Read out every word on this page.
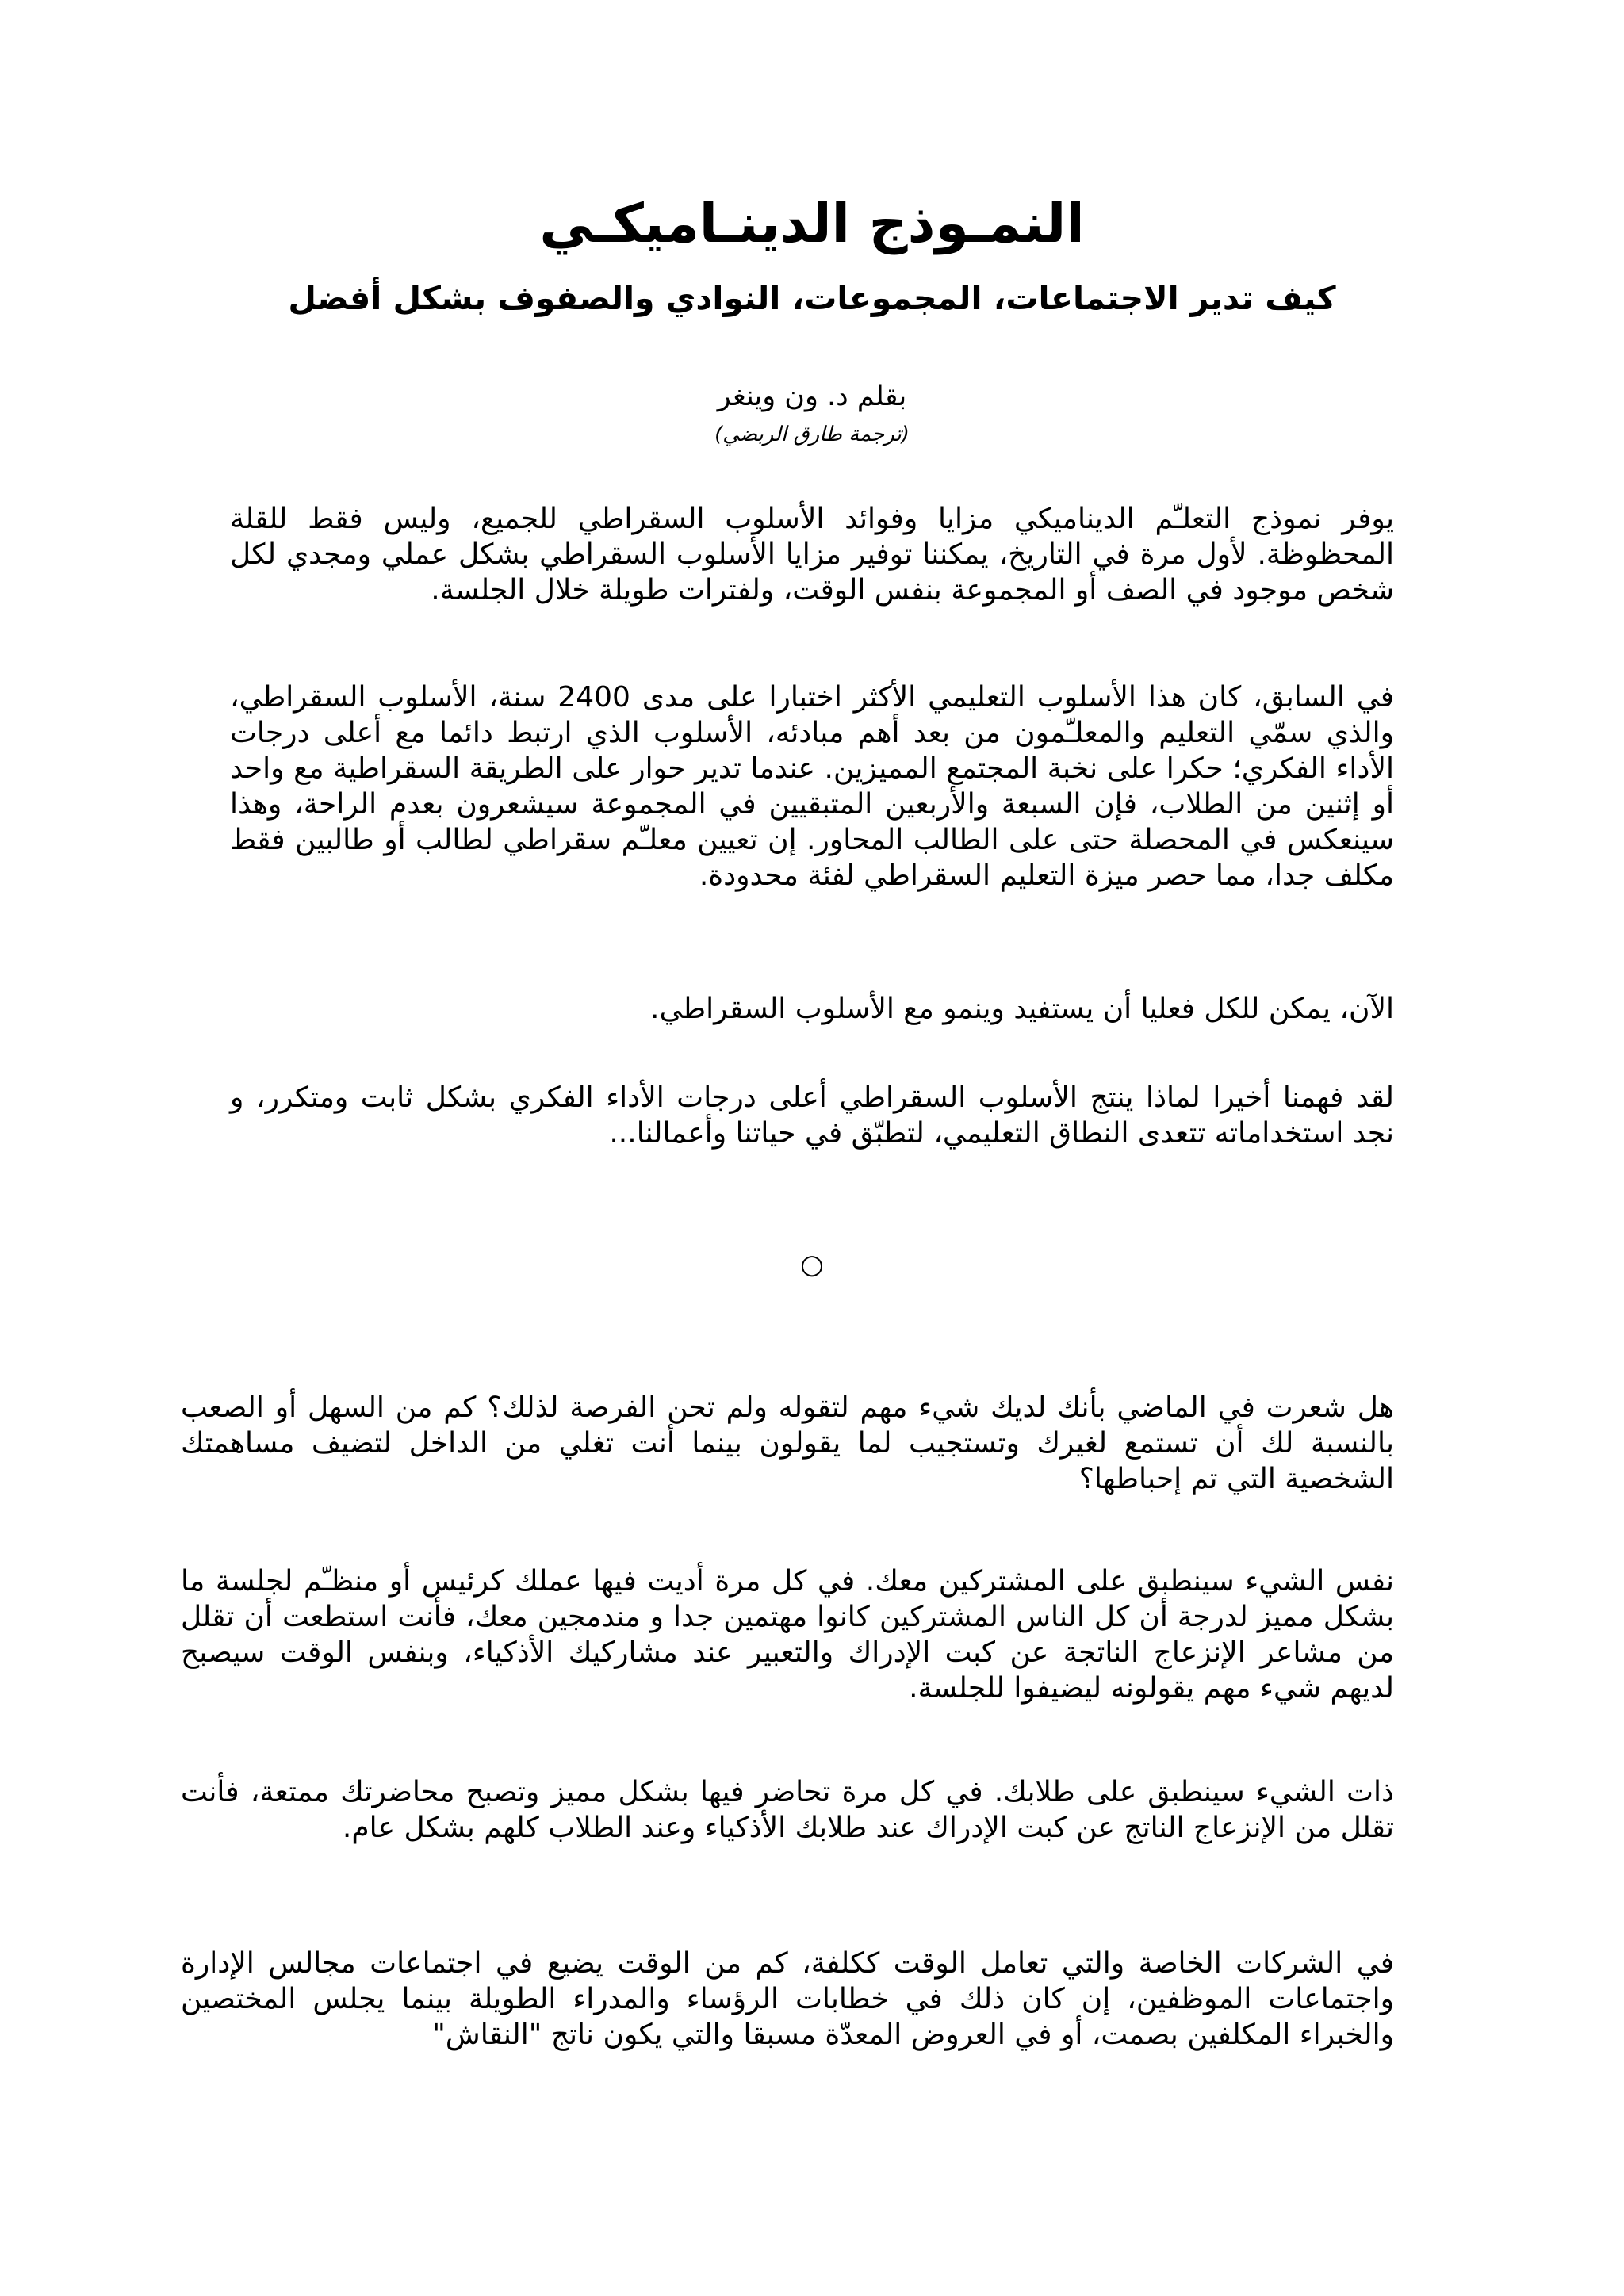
النمـوذج الدينـاميكـي
كيف تدير الاجتماعات، المجموعات، النوادي والصفوف بشكل أفضل

بقلم د. ون وينغر

(ترجمة طارق الربضي)

يوفر نموذج التعلـّم الديناميكي مزايا وفوائد الأسلوب السقراطي للجميع، وليس فقط للقلة المحظوظة. لأول مرة في التاريخ، يمكننا توفير مزايا الأسلوب السقراطي بشكل عملي ومجدي لكل شخص موجود في الصف أو المجموعة بنفس الوقت، ولفترات طويلة خلال الجلسة.

في السابق، كان هذا الأسلوب التعليمي الأكثر اختبارا على مدى 2400 سنة، الأسلوب السقراطي، والذي سمّي التعليم والمعلـّمون من بعد أهم مبادئه، الأسلوب الذي ارتبط دائما مع أعلى درجات الأداء الفكري؛ حكرا على نخبة المجتمع المميزين. عندما تدير حوار على الطريقة السقراطية مع واحد أو إثنين من الطلاب، فإن السبعة والأربعين المتبقيين في المجموعة سيشعرون بعدم الراحة، وهذا سينعكس في المحصلة حتى على الطالب المحاور. إن تعيين معلـّم سقراطي لطالب أو طالبين فقط مكلف جدا، مما حصر ميزة التعليم السقراطي لفئة محدودة.

الآن، يمكن للكل فعليا أن يستفيد وينمو مع الأسلوب السقراطي.

لقد فهمنا أخيرا لماذا ينتج الأسلوب السقراطي أعلى درجات الأداء الفكري بشكل ثابت ومتكرر، و نجد استخداماته تتعدى النطاق التعليمي، لتطبّق في حياتنا وأعمالنا...

○

هل شعرت في الماضي بأنك لديك شيء مهم لتقوله ولم تحن الفرصة لذلك؟ كم من السهل أو الصعب بالنسبة لك أن تستمع لغيرك وتستجيب لما يقولون بينما أنت تغلي من الداخل لتضيف مساهمتك الشخصية التي تم إحباطها؟

نفس الشيء سينطبق على المشتركين معك. في كل مرة أديت فيها عملك كرئيس أو منظـّم لجلسة ما بشكل مميز لدرجة أن كل الناس المشتركين كانوا مهتمين جدا و مندمجين معك، فأنت استطعت أن تقلل من مشاعر الإنزعاج الناتجة عن كبت الإدراك والتعبير عند مشاركيك الأذكياء، وبنفس الوقت سيصبح لديهم شيء مهم يقولونه ليضيفوا للجلسة.

ذات الشيء سينطبق على طلابك. في كل مرة تحاضر فيها بشكل مميز وتصبح محاضرتك ممتعة، فأنت تقلل من الإنزعاج الناتج عن كبت الإدراك عند طلابك الأذكياء وعند الطلاب كلهم بشكل عام.

في الشركات الخاصة والتي تعامل الوقت ككلفة، كم من الوقت يضيع في اجتماعات مجالس الإدارة واجتماعات الموظفين، إن كان ذلك في خطابات الرؤساء والمدراء الطويلة بينما يجلس المختصين والخبراء المكلفين بصمت، أو في العروض المعدّة مسبقا والتي يكون ناتج "النقاش"
